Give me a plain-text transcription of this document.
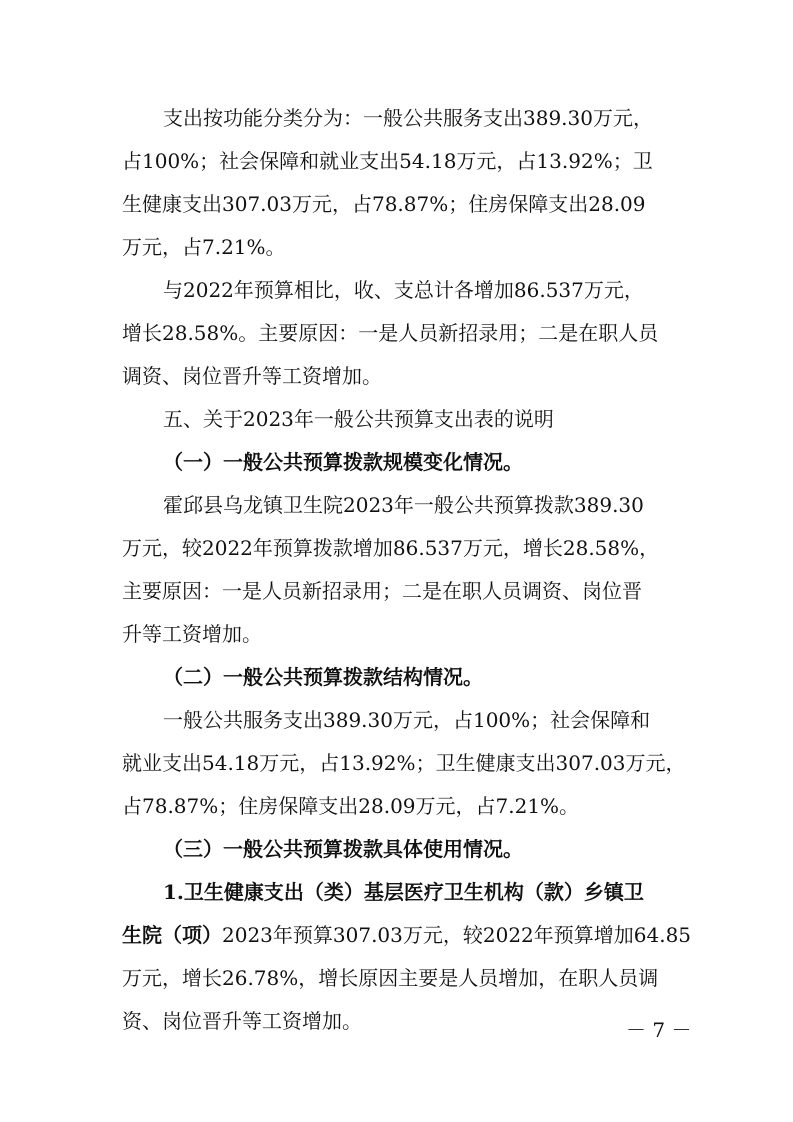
支出按功能分类分为：一般公共服务支出389.30万元，
占100%；社会保障和就业支出54.18万元，占13.92%；卫
生健康支出307.03万元，占78.87%；住房保障支出28.09
万元，占7.21%。
与2022年预算相比，收、支总计各增加86.537万元，
增长28.58%。主要原因：一是人员新招录用；二是在职人员
调资、岗位晋升等工资增加。
五、关于2023年一般公共预算支出表的说明
（一）一般公共预算拨款规模变化情况。
霍邱县乌龙镇卫生院2023年一般公共预算拨款389.30
万元，较2022年预算拨款增加86.537万元，增长28.58%，
主要原因：一是人员新招录用；二是在职人员调资、岗位晋
升等工资增加。
（二）一般公共预算拨款结构情况。
一般公共服务支出389.30万元，占100%；社会保障和
就业支出54.18万元，占13.92%；卫生健康支出307.03万元，
占78.87%；住房保障支出28.09万元，占7.21%。
（三）一般公共预算拨款具体使用情况。
1.卫生健康支出（类）基层医疗卫生机构（款）乡镇卫
生院（项）2023年预算307.03万元，较2022年预算增加64.85
万元，增长26.78%，增长原因主要是人员增加，在职人员调
资、岗位晋升等工资增加。	－ 7 －
